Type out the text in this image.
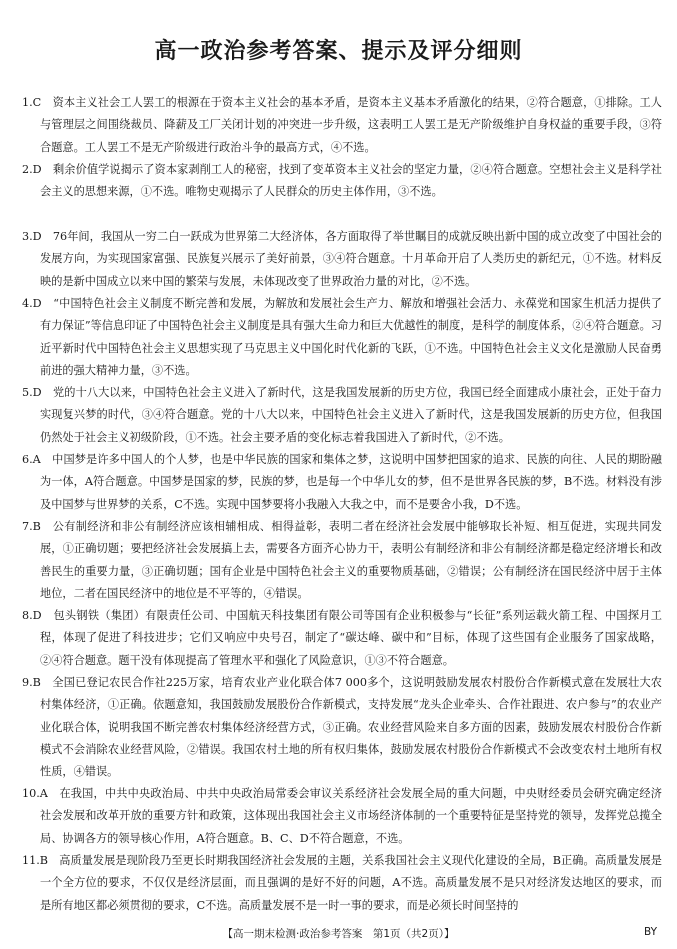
高一政治参考答案、提示及评分细则

1.C　 资本主义社会工人罢工的根源在于资本主义社会的基本矛盾，是资本主义基本矛盾激化的结果，②符合题意，①排除。工人与管理层之间围绕裁员、降薪及工厂关闭计划的冲突进一步升级，这表明工人罢工是无产阶级维护自身权益的重要手段，③符合题意。工人罢工不是无产阶级进行政治斗争的最高方式，④不选。

2.D　 剩余价值学说揭示了资本家剥削工人的秘密，找到了变革资本主义社会的坚定力量，②④符合题意。空想社会主义是科学社会主义的思想来源，①不选。唯物史观揭示了人民群众的历史主体作用，③不选。

3.D　 76年间，我国从一穷二白一跃成为世界第二大经济体，各方面取得了举世瞩目的成就反映出新中国的成立改变了中国社会的发展方向，为实现国家富强、民族复兴展示了美好前景，③④符合题意。十月革命开启了人类历史的新纪元，①不选。材料反映的是新中国成立以来中国的繁荣与发展，未体现改变了世界政治力量的对比，②不选。

4.D　 “中国特色社会主义制度不断完善和发展，为解放和发展社会生产力、解放和增强社会活力、永葆党和国家生机活力提供了有力保证”等信息印证了中国特色社会主义制度是具有强大生命力和巨大优越性的制度，是科学的制度体系，②④符合题意。习近平新时代中国特色社会主义思想实现了马克思主义中国化时代化新的飞跃，①不选。中国特色社会主义文化是激励人民奋勇前进的强大精神力量，③不选。

5.D　 党的十八大以来，中国特色社会主义进入了新时代，这是我国发展新的历史方位，我国已经全面建成小康社会，正处于奋力实现复兴梦的时代，③④符合题意。党的十八大以来，中国特色社会主义进入了新时代，这是我国发展新的历史方位，但我国仍然处于社会主义初级阶段，①不选。社会主要矛盾的变化标志着我国进入了新时代，②不选。

6.A　 中国梦是许多中国人的个人梦，也是中华民族的国家和集体之梦，这说明中国梦把国家的追求、民族的向往、人民的期盼融为一体，A符合题意。中国梦是国家的梦，民族的梦，也是每一个中华儿女的梦，但不是世界各民族的梦，B不选。材料没有涉及中国梦与世界梦的关系，C不选。实现中国梦要将小我融入大我之中，而不是要舍小我，D不选。

7.B　 公有制经济和非公有制经济应该相辅相成、相得益彰，表明二者在经济社会发展中能够取长补短、相互促进，实现共同发展，①正确切题；要把经济社会发展搞上去，需要各方面齐心协力干，表明公有制经济和非公有制经济都是稳定经济增长和改善民生的重要力量，③正确切题；国有企业是中国特色社会主义的重要物质基础，②错误；公有制经济在国民经济中居于主体地位，二者在国民经济中的地位是不平等的，④错误。

8.D　 包头钢铁（集团）有限责任公司、中国航天科技集团有限公司等国有企业积极参与“长征”系列运载火箭工程、中国探月工程，体现了促进了科技进步；它们又响应中央号召，制定了“碳达峰、碳中和”目标，体现了这些国有企业服务了国家战略，②④符合题意。题干没有体现提高了管理水平和强化了风险意识，①③不符合题意。

9.B　 全国已登记农民合作社225万家，培育农业产业化联合体7 000多个，这说明鼓励发展农村股份合作新模式意在发展壮大农村集体经济，①正确。依题意知，我国鼓励发展股份合作新模式，支持发展“龙头企业牵头、合作社跟进、农户参与”的农业产业化联合体，说明我国不断完善农村集体经济经营方式，③正确。农业经营风险来自多方面的因素，鼓励发展农村股份合作新模式不会消除农业经营风险，②错误。我国农村土地的所有权归集体，鼓励发展农村股份合作新模式不会改变农村土地所有权性质，④错误。

10.A　 在我国，中共中央政治局、中共中央政治局常委会审议关系经济社会发展全局的重大问题，中央财经委员会研究确定经济社会发展和改革开放的重要方针和政策，这体现出我国社会主义市场经济体制的一个重要特征是坚持党的领导，发挥党总揽全局、协调各方的领导核心作用，A符合题意。B、C、D不符合题意，不选。

11.B　 高质量发展是现阶段乃至更长时期我国经济社会发展的主题，关系我国社会主义现代化建设的全局，B正确。高质量发展是一个全方位的要求，不仅仅是经济层面，而且强调的是好不好的问题，A不选。高质量发展不是只对经济发达地区的要求，而是所有地区都必须贯彻的要求，C不选。高质量发展不是一时一事的要求，而是必须长时间坚持的

【高一期末检测·政治参考答案　第1页（共2页）】	BY
